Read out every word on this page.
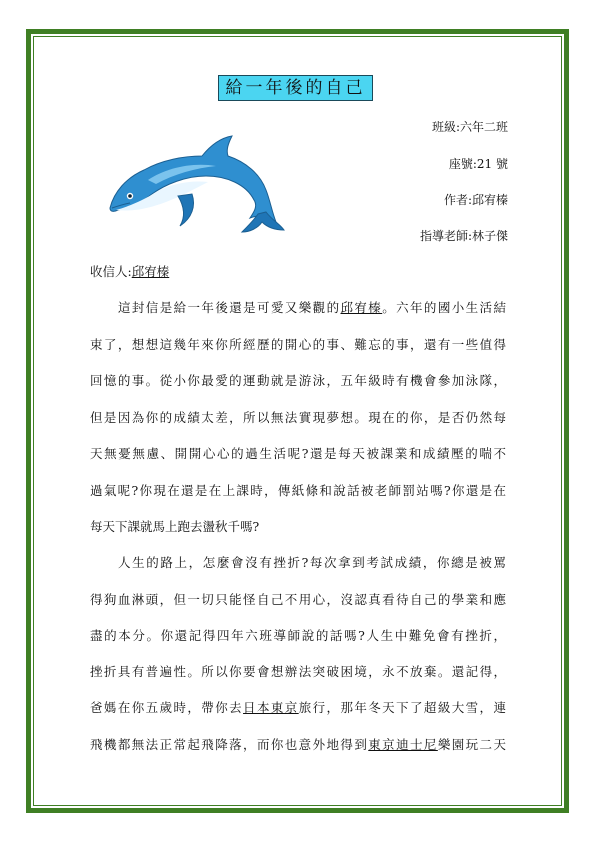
給一年後的自己
班級:六年二班
座號:21 號
作者:邱宥榛
指導老師:林子傑
收信人:邱宥榛
這封信是給一年後還是可愛又樂觀的邱宥榛。六年的國小生活結
束了，想想這幾年來你所經歷的開心的事、難忘的事，還有一些值得
回憶的事。從小你最愛的運動就是游泳，五年級時有機會參加泳隊，
但是因為你的成績太差，所以無法實現夢想。現在的你，是否仍然每
天無憂無慮、開開心心的過生活呢?還是每天被課業和成績壓的喘不
過氣呢?你現在還是在上課時，傳紙條和說話被老師罰站嗎?你還是在
每天下課就馬上跑去盪秋千嗎?
人生的路上，怎麼會沒有挫折?每次拿到考試成績，你總是被罵
得狗血淋頭，但一切只能怪自己不用心，沒認真看待自己的學業和應
盡的本分。你還記得四年六班導師說的話嗎?人生中難免會有挫折，
挫折具有普遍性。所以你要會想辦法突破困境，永不放棄。還記得，
爸媽在你五歲時，帶你去日本東京旅行，那年冬天下了超級大雪，連
飛機都無法正常起飛降落，而你也意外地得到東京迪士尼樂園玩二天
